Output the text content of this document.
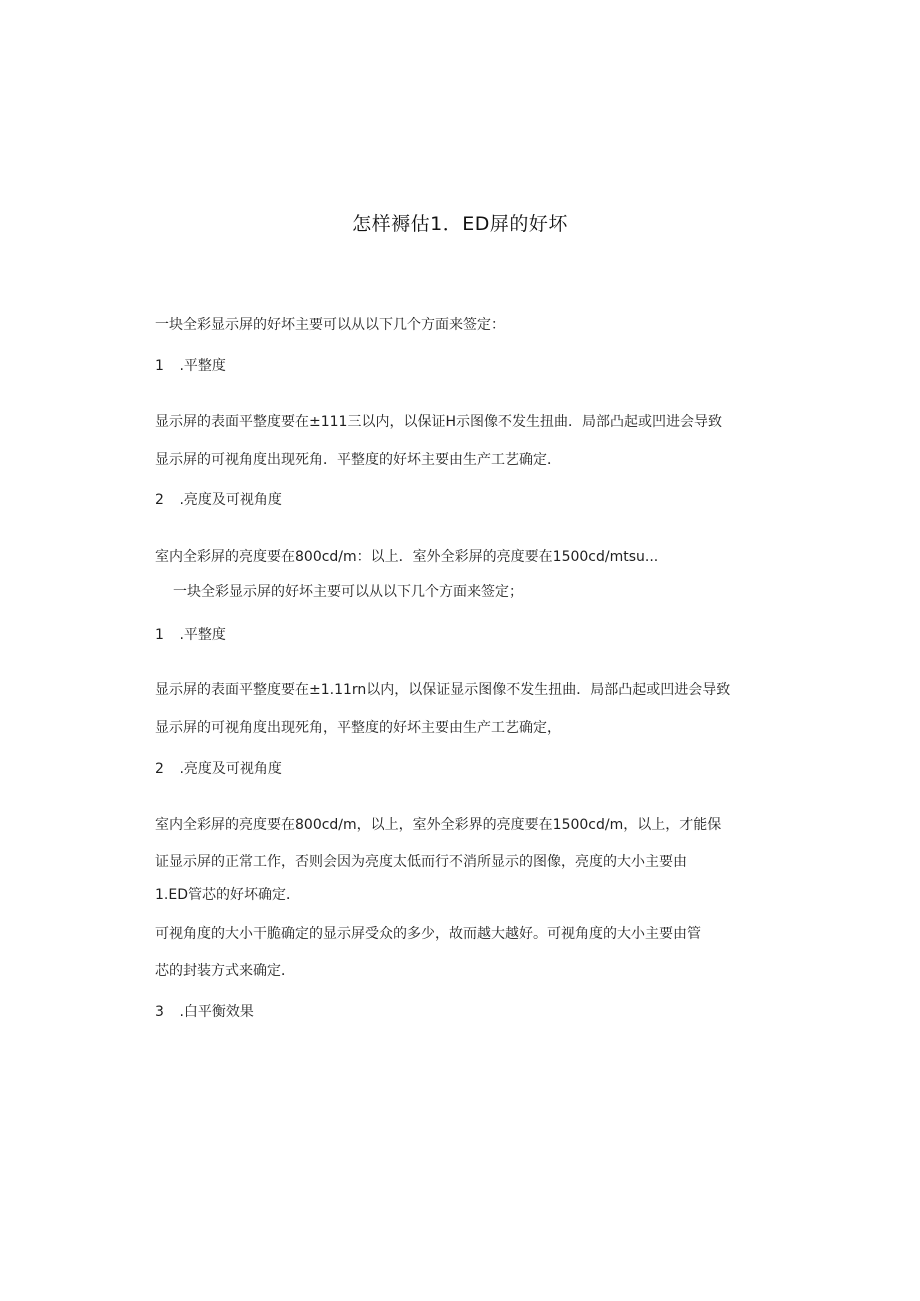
怎样褥估1．ED屏的好坏
一块全彩显示屏的好坏主要可以从以下几个方面来签定：
1 .平整度
显示屏的表面平整度要在±111三以内，以保证H示图像不发生扭曲．局部凸起或凹进会导致
显示屏的可视角度出现死角．平整度的好坏主要由生产工艺确定．
2 .亮度及可视角度
室内全彩屏的亮度要在800cd/m：以上．室外全彩屏的亮度要在1500cd/mtsu...
一块全彩显示屏的好坏主要可以从以下几个方面来签定；
1 .平整度
显示屏的表面平整度要在±1.11rn以内，以保证显示图像不发生扭曲．局部凸起或凹进会导致
显示屏的可视角度出现死角，平整度的好坏主要由生产工艺确定，
2 .亮度及可视角度
室内全彩屏的亮度要在800cd∕m，以上，室外全彩界的亮度要在1500cd/m，以上，才能保
证显示屏的正常工作，否则会因为亮度太低而行不消所显示的图像，亮度的大小主要由
1.ED管芯的好坏确定．
可视角度的大小干脆确定的显示屏受众的多少，故而越大越好。可视角度的大小主要由管
芯的封装方式来确定．
3 .白平衡效果
